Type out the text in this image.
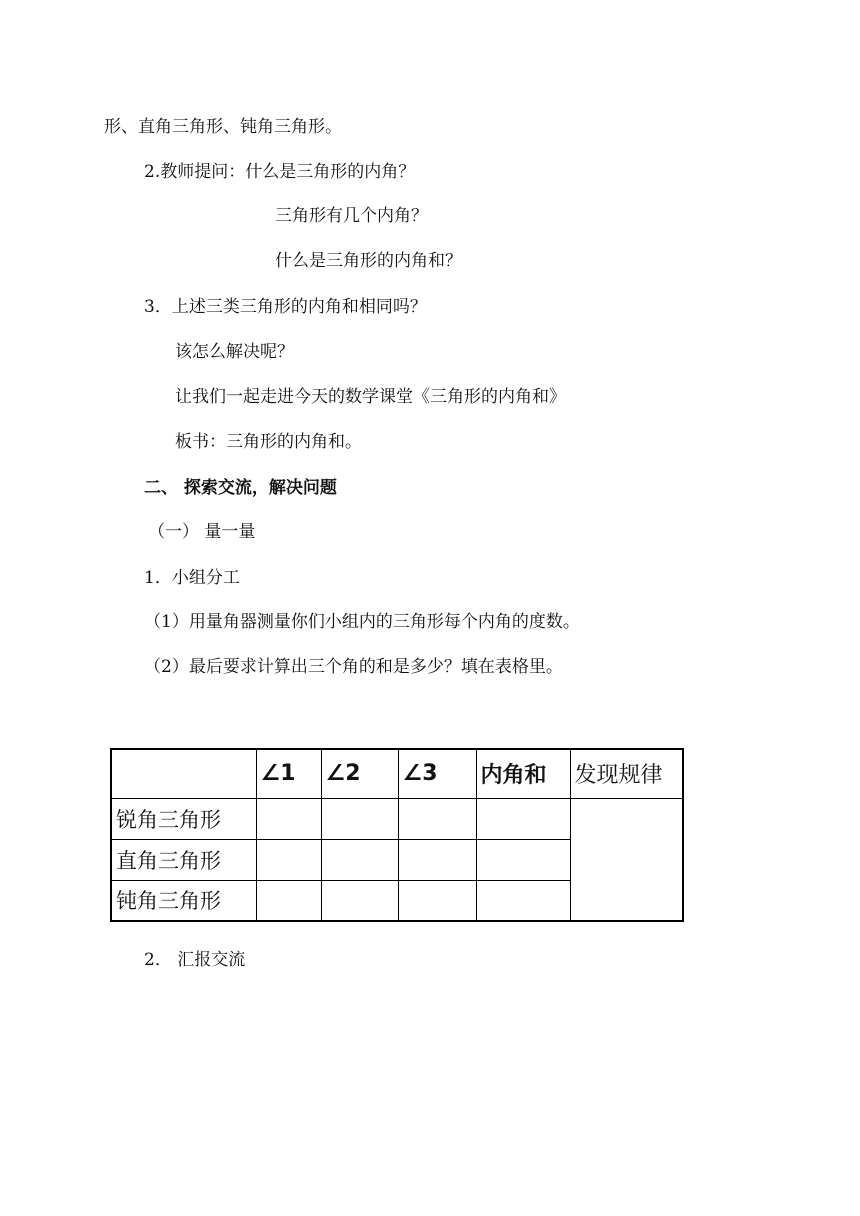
形、直角三角形、钝角三角形。
2.教师提问：什么是三角形的内角？
三角形有几个内角？
什么是三角形的内角和？
3．上述三类三角形的内角和相同吗？
该怎么解决呢？
让我们一起走进今天的数学课堂《三角形的内角和》
板书：三角形的内角和。
二、 探索交流，解决问题
（一） 量一量
1．小组分工
（1）用量角器测量你们小组内的三角形每个内角的度数。
（2）最后要求计算出三个角的和是多少？填在表格里。
	∠1	∠2	∠3	内角和	发现规律
锐角三角形					
直角三角形					
钝角三角形					
2． 汇报交流
